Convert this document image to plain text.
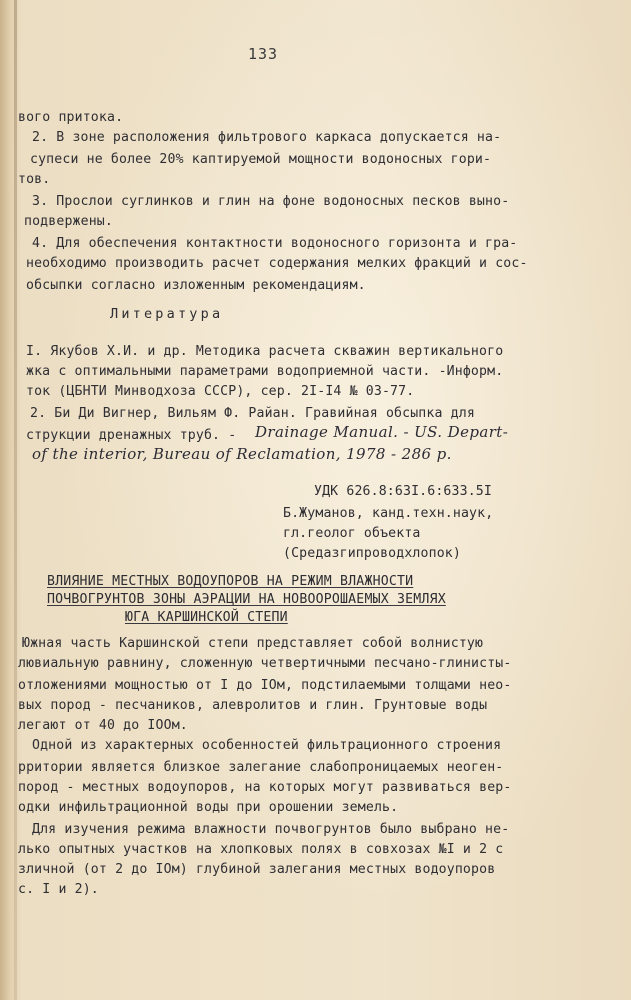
133
вого притока.
2. В зоне расположения фильтрового каркаса допускается на-
супеси не более 20% каптируемой мощности водоносных гори-
тов.
3. Прослои суглинков и глин на фоне водоносных песков выно-
подвержены.
4. Для обеспечения контактности водоносного горизонта и гра-
необходимо производить расчет содержания мелких фракций и сос-
обсыпки согласно изложенным рекомендациям.
Литература
I. Якубов Х.И. и др. Методика расчета скважин вертикального
жка с оптимальными параметрами водоприемной части. -Информ.
ток (ЦБНТИ Минводхоза СССР), сер. 2I-I4 № 03-77.
2. Би Ди Вигнер, Вильям Ф. Райан. Гравийная обсыпка для
струкции дренажных труб. - Drainage Manual. - US. Depart-
of the interior, Bureau of Reclamation, 1978 - 286 p.
УДК 626.8:63I.6:633.5I
Б.Жуманов, канд.техн.наук,
гл.геолог объекта
(Средазгипроводхлопок)
ВЛИЯНИЕ МЕСТНЫХ ВОДОУПОРОВ НА РЕЖИМ ВЛАЖНОСТИ
ПОЧВОГРУНТОВ ЗОНЫ АЭРАЦИИ НА НОВООРОШАЕМЫХ ЗЕМЛЯХ
ЮГА КАРШИНСКОЙ СТЕПИ
Южная часть Каршинской степи представляет собой волнистую
лювиальную равнину, сложенную четвертичными песчано-глинисты-
отложениями мощностью от I до IOм, подстилаемыми толщами нео-
вых пород - песчаников, алевролитов и глин. Грунтовые воды
легают от 40 до IOOм.
Одной из характерных особенностей фильтрационного строения
рритории является близкое залегание слабопроницаемых неоген-
пород - местных водоупоров, на которых могут развиваться вер-
одки инфильтрационной воды при орошении земель.
Для изучения режима влажности почвогрунтов было выбрано не-
лько опытных участков на хлопковых полях в совхозах №I и 2 с
зличной (от 2 до IOм) глубиной залегания местных водоупоров
с. I и 2).
